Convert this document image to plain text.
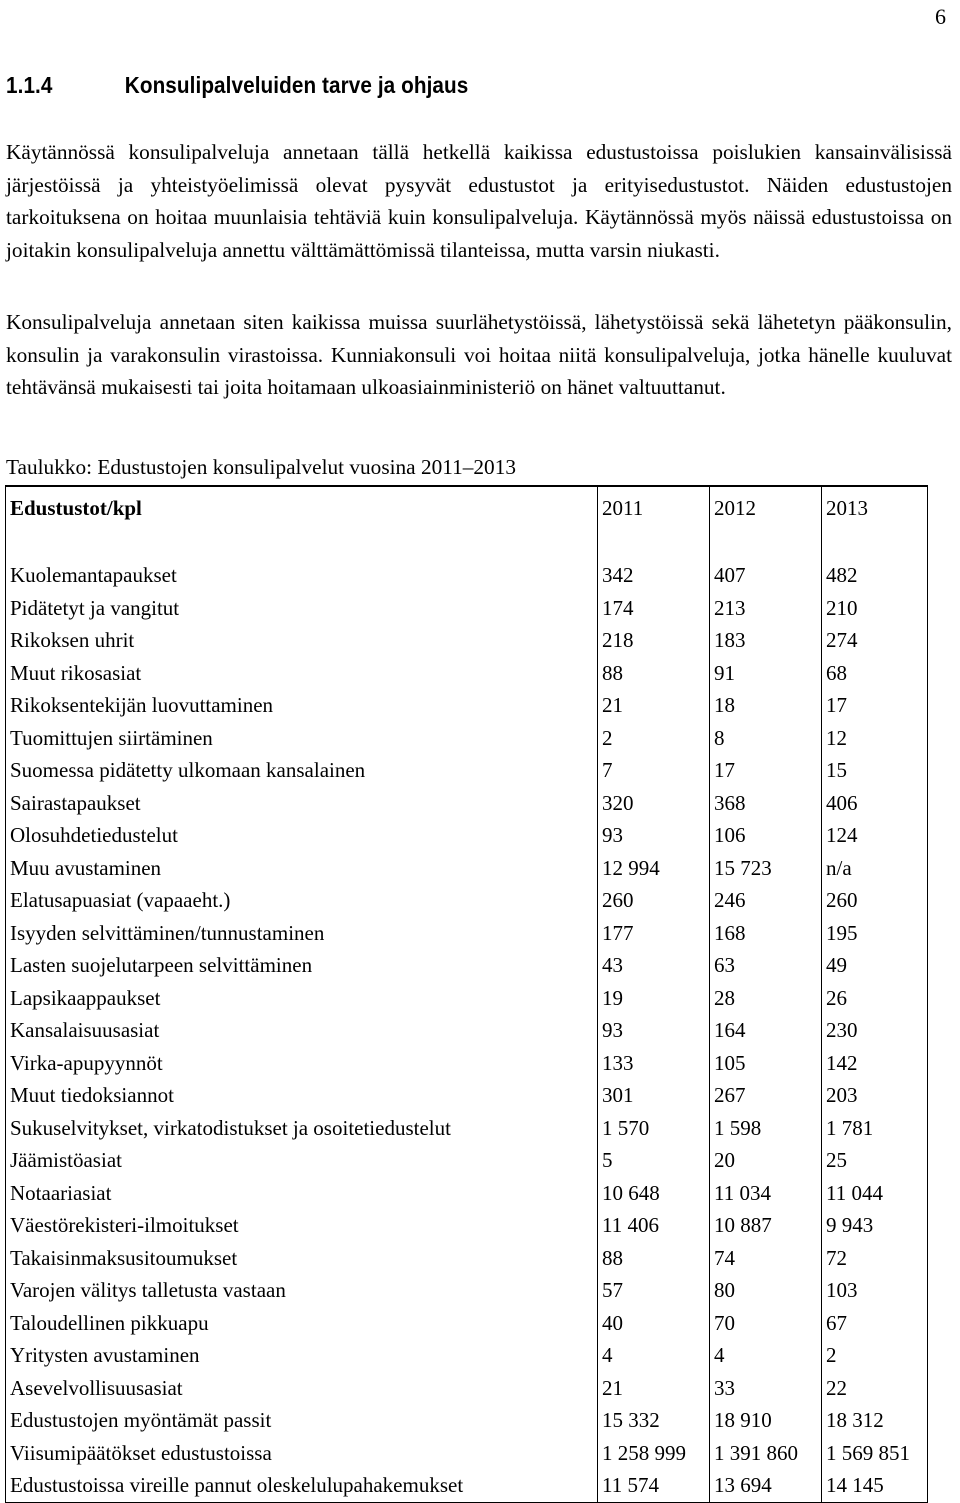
6
1.1.4	Konsulipalveluiden tarve ja ohjaus

Käytännössä konsulipalveluja annetaan tällä hetkellä kaikissa edustustoissa poislukien kansainvälisissä järjestöissä ja yhteistyöelimissä olevat pysyvät edustustot ja erityisedustustot. Näiden edustustojen tarkoituksena on hoitaa muunlaisia tehtäviä kuin konsulipalveluja. Käytännössä myös näissä edustustoissa on joitakin konsulipalveluja annettu välttämättömissä tilanteissa, mutta varsin niukasti.

Konsulipalveluja annetaan siten kaikissa muissa suurlähetystöissä, lähetystöissä sekä lähetetyn pääkonsulin, konsulin ja varakonsulin virastoissa. Kunniakonsuli voi hoitaa niitä konsulipalveluja, jotka hänelle kuuluvat tehtävänsä mukaisesti tai joita hoitamaan ulkoasiainministeriö on hänet valtuuttanut.

Taulukko: Edustustojen konsulipalvelut vuosina 2011–2013

Edustustot/kpl	2011	2012	2013

Kuolemantapaukset	342	407	482
Pidätetyt ja vangitut	174	213	210
Rikoksen uhrit	218	183	274
Muut rikosasiat	88	91	68
Rikoksentekijän luovuttaminen	21	18	17
Tuomittujen siirtäminen	2	8	12
Suomessa pidätetty ulkomaan kansalainen	7	17	15
Sairastapaukset	320	368	406
Olosuhdetiedustelut	93	106	124
Muu avustaminen	12 994	15 723	n/a
Elatusapuasiat (vapaaeht.)	260	246	260
Isyyden selvittäminen/tunnustaminen	177	168	195
Lasten suojelutarpeen selvittäminen	43	63	49
Lapsikaappaukset	19	28	26
Kansalaisuusasiat	93	164	230
Virka-apupyynnöt	133	105	142
Muut tiedoksiannot	301	267	203
Sukuselvitykset, virkatodistukset ja osoitetiedustelut	1 570	1 598	1 781
Jäämistöasiat	5	20	25
Notaariasiat	10 648	11 034	11 044
Väestörekisteri-ilmoitukset	11 406	10 887	9 943
Takaisinmaksusitoumukset	88	74	72
Varojen välitys talletusta vastaan	57	80	103
Taloudellinen pikkuapu	40	70	67
Yritysten avustaminen	4	4	2
Asevelvollisuusasiat	21	33	22
Edustustojen myöntämät passit	15 332	18 910	18 312
Viisumipäätökset edustustoissa	1 258 999	1 391 860	1 569 851
Edustustoissa vireille pannut oleskelulupahakemukset	11 574	13 694	14 145
